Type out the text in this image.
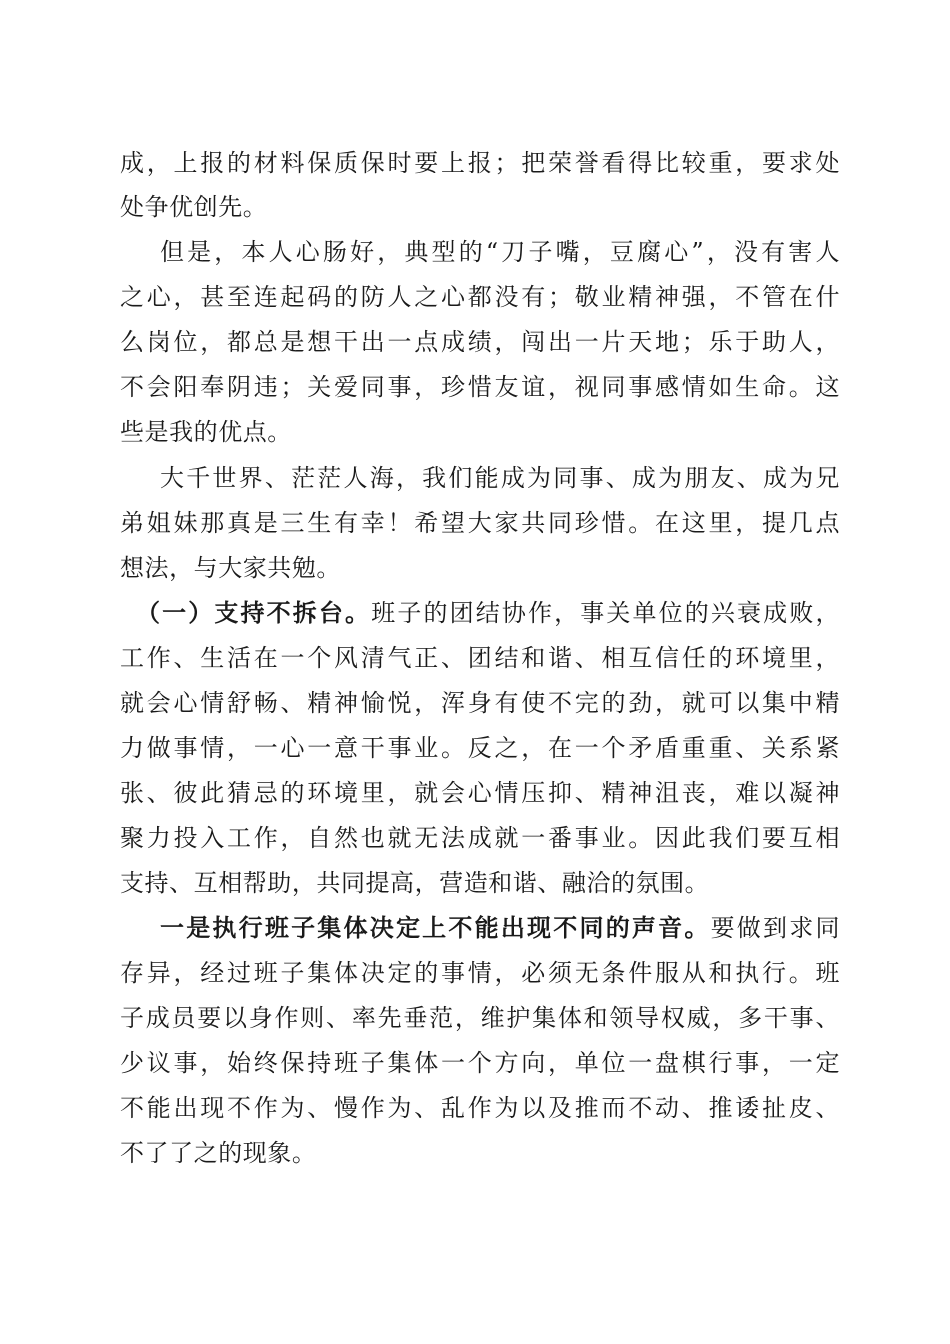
成，上报的材料保质保时要上报；把荣誉看得比较重，要求处

处争优创先。

但是，本人心肠好，典型的“刀子嘴，豆腐心”，没有害人

之心，甚至连起码的防人之心都没有；敬业精神强，不管在什

么岗位，都总是想干出一点成绩，闯出一片天地；乐于助人，

不会阳奉阴违；关爱同事，珍惜友谊，视同事感情如生命。这

些是我的优点。

大千世界、茫茫人海，我们能成为同事、成为朋友、成为兄

弟姐妹那真是三生有幸！希望大家共同珍惜。在这里，提几点

想法，与大家共勉。

（一）支持不拆台。班子的团结协作，事关单位的兴衰成败，

工作、生活在一个风清气正、团结和谐、相互信任的环境里，

就会心情舒畅、精神愉悦，浑身有使不完的劲，就可以集中精

力做事情，一心一意干事业。反之，在一个矛盾重重、关系紧

张、彼此猜忌的环境里，就会心情压抑、精神沮丧，难以凝神

聚力投入工作，自然也就无法成就一番事业。因此我们要互相

支持、互相帮助，共同提高，营造和谐、融洽的氛围。

一是执行班子集体决定上不能出现不同的声音。要做到求同

存异，经过班子集体决定的事情，必须无条件服从和执行。班

子成员要以身作则、率先垂范，维护集体和领导权威，多干事、

少议事，始终保持班子集体一个方向，单位一盘棋行事，一定

不能出现不作为、慢作为、乱作为以及推而不动、推诿扯皮、

不了了之的现象。
